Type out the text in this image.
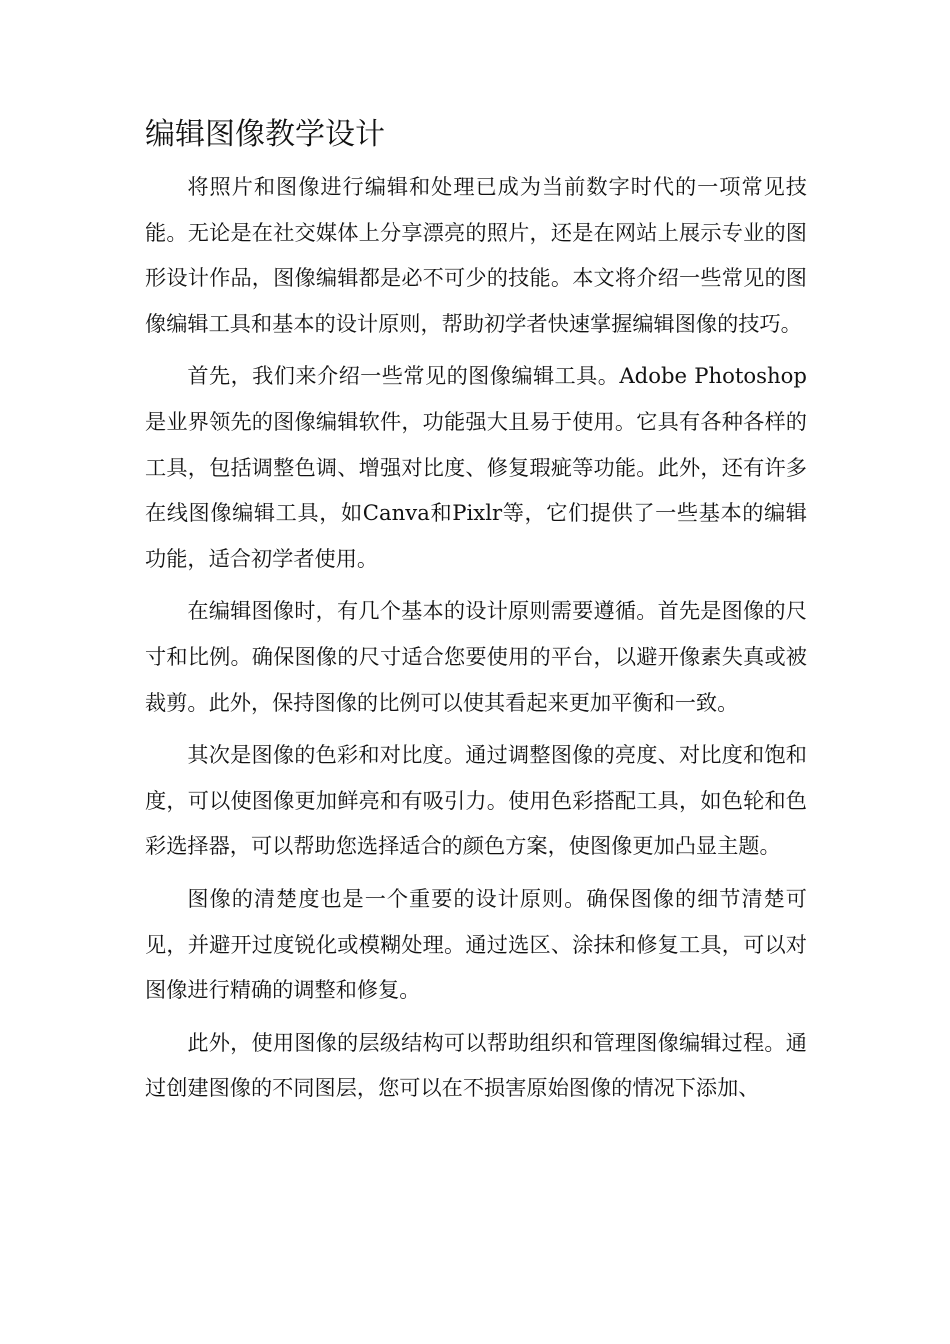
编辑图像教学设计

将照片和图像进行编辑和处理已成为当前数字时代的一项常见技能。无论是在社交媒体上分享漂亮的照片，还是在网站上展示专业的图形设计作品，图像编辑都是必不可少的技能。本文将介绍一些常见的图像编辑工具和基本的设计原则，帮助初学者快速掌握编辑图像的技巧。

首先，我们来介绍一些常见的图像编辑工具。Adobe Photoshop是业界领先的图像编辑软件，功能强大且易于使用。它具有各种各样的工具，包括调整色调、增强对比度、修复瑕疵等功能。此外，还有许多在线图像编辑工具，如Canva和Pixlr等，它们提供了一些基本的编辑功能，适合初学者使用。

在编辑图像时，有几个基本的设计原则需要遵循。首先是图像的尺寸和比例。确保图像的尺寸适合您要使用的平台，以避开像素失真或被裁剪。此外，保持图像的比例可以使其看起来更加平衡和一致。

其次是图像的色彩和对比度。通过调整图像的亮度、对比度和饱和度，可以使图像更加鲜亮和有吸引力。使用色彩搭配工具，如色轮和色彩选择器，可以帮助您选择适合的颜色方案，使图像更加凸显主题。

图像的清楚度也是一个重要的设计原则。确保图像的细节清楚可见，并避开过度锐化或模糊处理。通过选区、涂抹和修复工具，可以对图像进行精确的调整和修复。

此外，使用图像的层级结构可以帮助组织和管理图像编辑过程。通过创建图像的不同图层，您可以在不损害原始图像的情况下添加、
